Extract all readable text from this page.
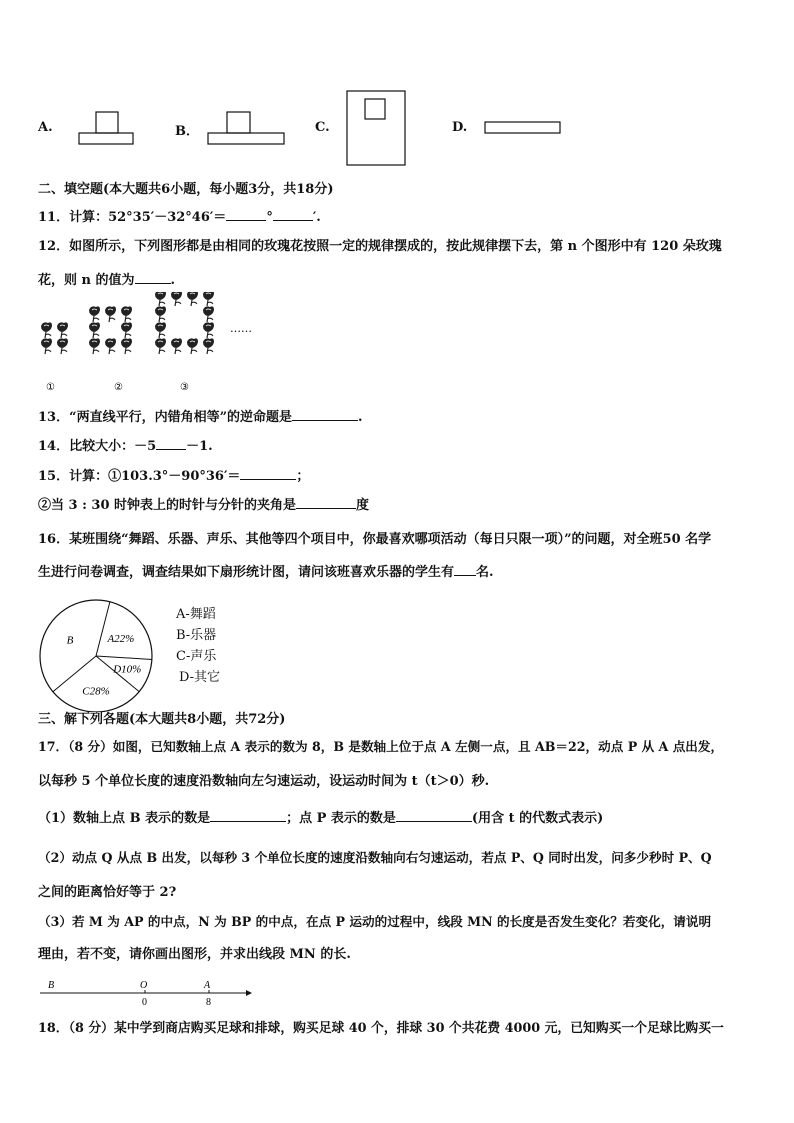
A.	B．	C.	D.
二、填空题(本大题共6小题，每小题3分，共18分)
11．计算：52°35′－32°46′＝	°	′.
12．如图所示，下列图形都是由相同的玫瑰花按照一定的规律摆成的，按此规律摆下去，第 n 个图形中有 120 朵玫瑰
花，则 n 的值为	.
……
①	②	③
13．“两直线平行，内错角相等”的逆命题是	.
14．比较大小：－5 －1.
15．计算：①103.3°－90°36′＝	；
②当 3 : 30 时钟表上的时针与分针的夹角是	度
16．某班围绕“舞蹈、乐器、声乐、其他等四个项目中，你最喜欢哪项活动（每日只限一项）”的问题，对全班50 名学
生进行问卷调查，调查结果如下扇形统计图，请问该班喜欢乐器的学生有 名.
A22%
B
C28%
D10%
A-舞蹈
B-乐器
C-声乐
D-其它
三、解下列各题(本大题共8小题，共72分)
17．（8 分）如图，已知数轴上点 A 表示的数为 8，B 是数轴上位于点 A 左侧一点，且 AB＝22，动点 P 从 A 点出发，
以每秒 5 个单位长度的速度沿数轴向左匀速运动，设运动时间为 t（t＞0）秒.
（1）数轴上点 B 表示的数是	；点 P 表示的数是	(用含 t 的代数式表示)
（2）动点 Q 从点 B 出发，以每秒 3 个单位长度的速度沿数轴向右匀速运动，若点 P、Q 同时出发，问多少秒时 P、Q
之间的距离恰好等于 2?
（3）若 M 为 AP 的中点，N 为 BP 的中点，在点 P 运动的过程中，线段 MN 的长度是否发生变化？若变化，请说明
理由，若不变，请你画出图形，并求出线段 MN 的长.
B	O
0
A
8
18．（8 分）某中学到商店购买足球和排球，购买足球 40 个，排球 30 个共花费 4000 元，已知购买一个足球比购买一
